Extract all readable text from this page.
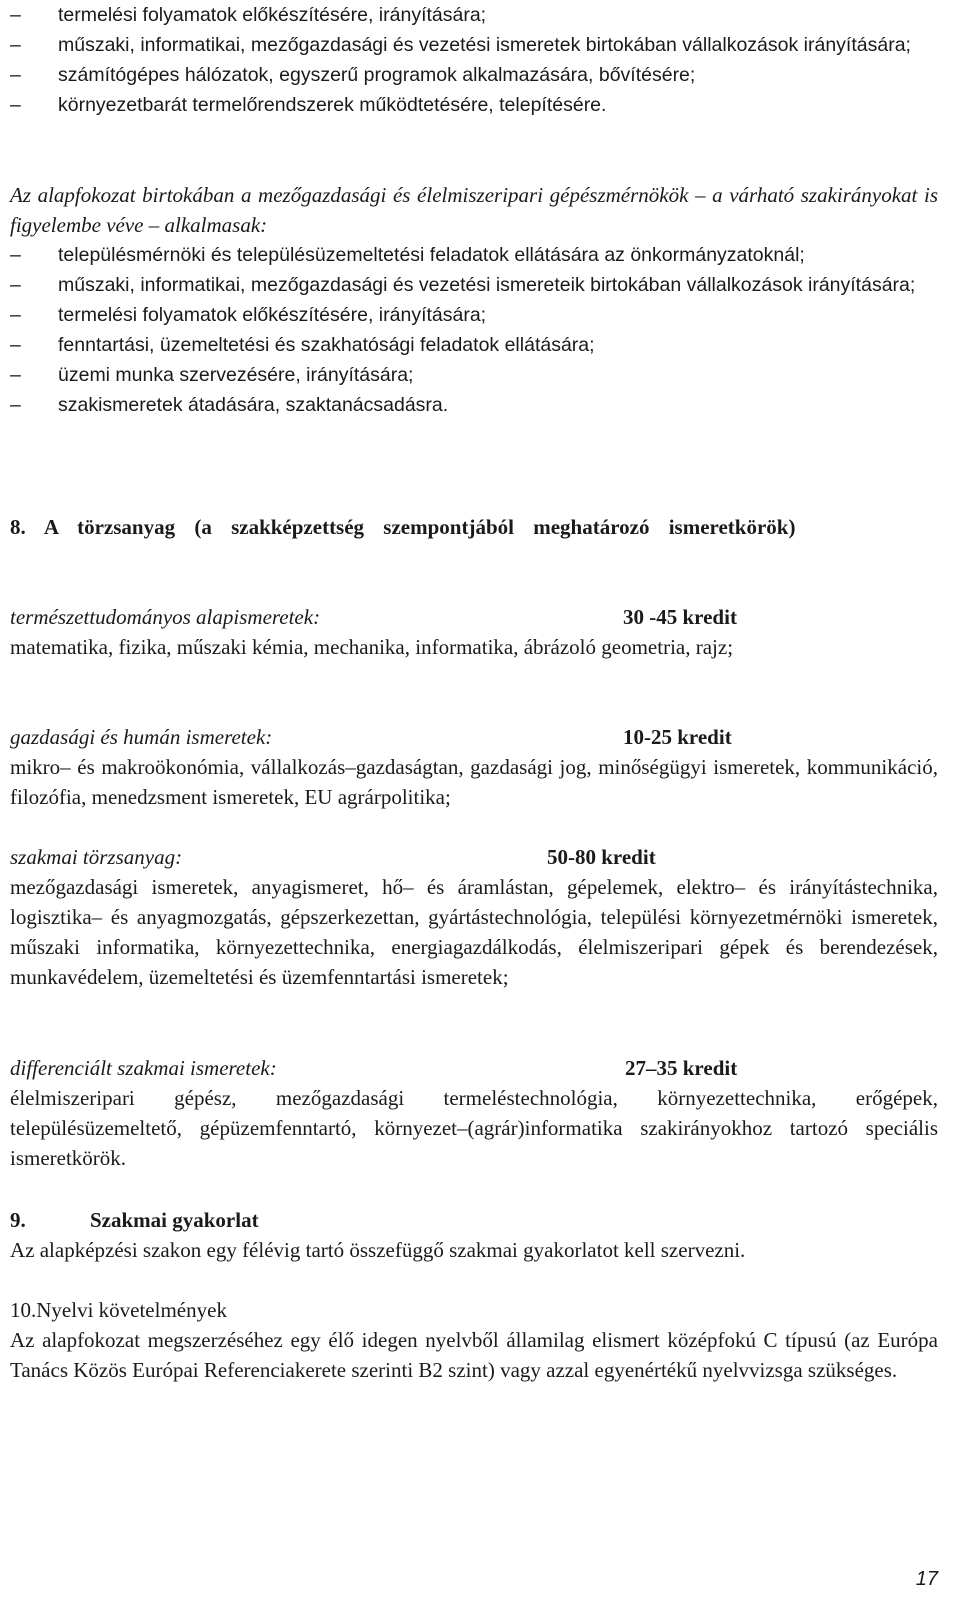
– termelési folyamatok előkészítésére, irányítására;
– műszaki, informatikai, mezőgazdasági és vezetési ismeretek birtokában vállalkozások irányítására;
– számítógépes hálózatok, egyszerű programok alkalmazására, bővítésére;
– környezetbarát termelőrendszerek működtetésére, telepítésére.
Az alapfokozat birtokában a mezőgazdasági és élelmiszeripari gépészmérnökök – a várható szakirányokat is figyelembe véve – alkalmasak:
– településmérnöki és településüzemeltetési feladatok ellátására az önkormányzatoknál;
– műszaki, informatikai, mezőgazdasági és vezetési ismereteik birtokában vállalkozások irányítására;
– termelési folyamatok előkészítésére, irányítására;
– fenntartási, üzemeltetési és szakhatósági feladatok ellátására;
– üzemi munka szervezésére, irányítására;
– szakismeretek átadására, szaktanácsadásra.
8. A törzsanyag (a szakképzettség szempontjából meghatározó ismeretkörök)
természettudományos alapismeretek:	30 -45 kredit
matematika, fizika, műszaki kémia, mechanika, informatika, ábrázoló geometria, rajz;
gazdasági és humán ismeretek:	10-25 kredit
mikro– és makroökonómia, vállalkozás–gazdaságtan, gazdasági jog, minőségügyi ismeretek, kommunikáció, filozófia, menedzsment ismeretek, EU agrárpolitika;
szakmai törzsanyag:	50-80 kredit
mezőgazdasági ismeretek, anyagismeret, hő– és áramlástan, gépelemek, elektro– és irányítástechnika, logisztika– és anyagmozgatás, gépszerkezettan, gyártástechnológia, települési környezetmérnöki ismeretek, műszaki informatika, környezettechnika, energiagazdálkodás, élelmiszeripari gépek és berendezések, munkavédelem, üzemeltetési és üzemfenntartási ismeretek;
differenciált szakmai ismeretek:	27–35 kredit
élelmiszeripari gépész, mezőgazdasági termeléstechnológia, környezettechnika, erőgépek, településüzemeltető, gépüzemfenntartó, környezet–(agrár)informatika szakirányokhoz tartozó speciális ismeretkörök.
9.	Szakmai gyakorlat
Az alapképzési szakon egy félévig tartó összefüggő szakmai gyakorlatot kell szervezni.
10.Nyelvi követelmények
Az alapfokozat megszerzéséhez egy élő idegen nyelvből államilag elismert középfokú C típusú (az Európa Tanács Közös Európai Referenciakerete szerinti B2 szint) vagy azzal egyenértékű nyelvvizsga szükséges.
17
